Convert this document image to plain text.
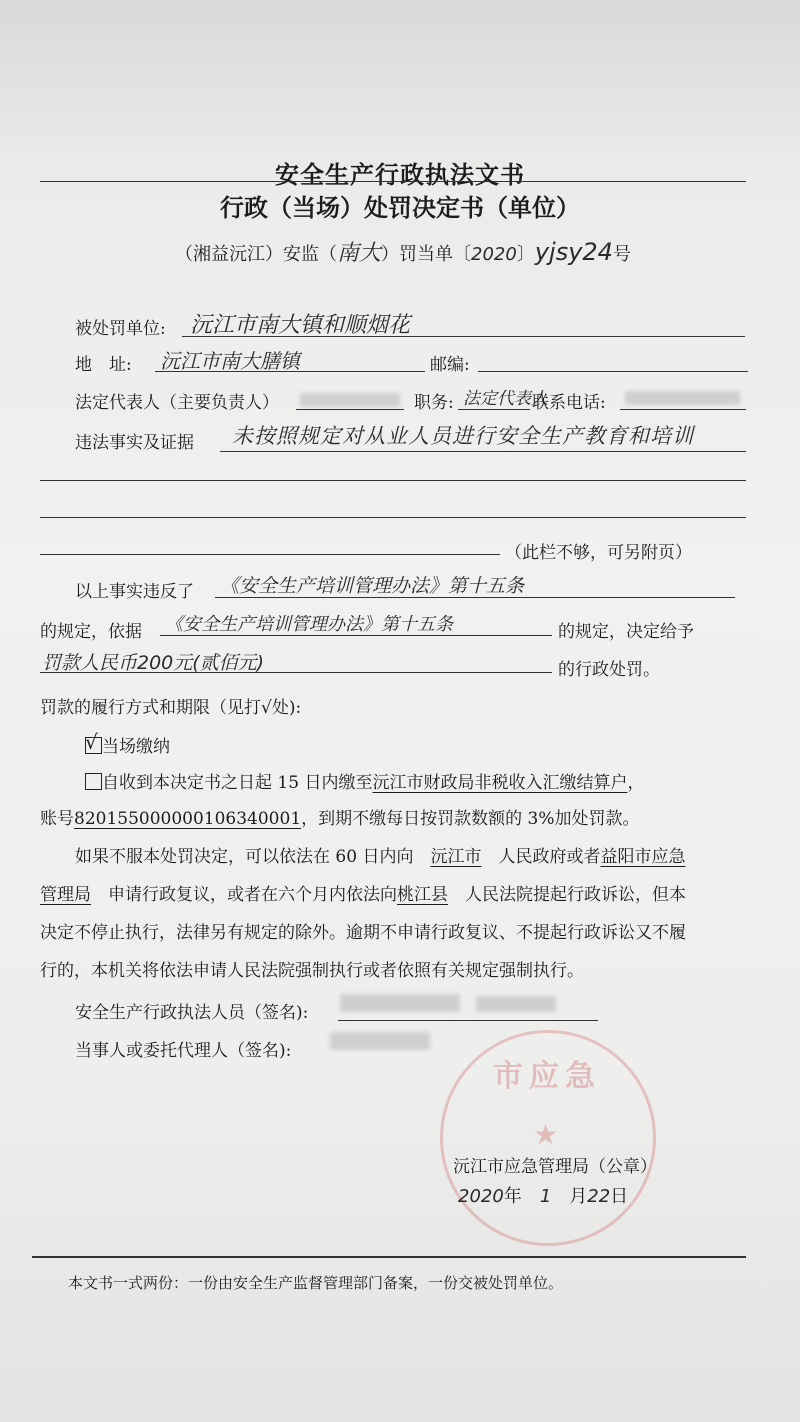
安全生产行政执法文书
行政（当场）处罚决定书（单位）
（湘益沅江）安监（南大）罚当单〔2020〕yjsy24号
被处罚单位: 沅江市南大镇和顺烟花
地　址: 沅江市南大膳镇	邮编:
法定代表人（主要负责人）	职务: 法定代表人
联系电话:
违法事实及证据 未按照规定对从业人员进行安全生产教育和培训
（此栏不够，可另附页）
以上事实违反了 《安全生产培训管理办法》第十五条
的规定，依据 《安全生产培训管理办法》第十五条	的规定，决定给予
罚款人民币200元(贰佰元)	的行政处罚。
罚款的履行方式和期限（见打√处):
√ 当场缴纳
自收到本决定书之日起 15 日内缴至沅江市财政局非税收入汇缴结算户，
账号820155000000106340001，到期不缴每日按罚款数额的 3%加处罚款。
如果不服本处罚决定，可以依法在 60 日内向　 沅江市　 人民政府或者益阳市应急
管理局　 申请行政复议，或者在六个月内依法向桃江县　 人民法院提起行政诉讼，但本
决定不停止执行，法律另有规定的除外。逾期不申请行政复议、不提起行政诉讼又不履
行的，本机关将依法申请人民法院强制执行或者依照有关规定强制执行。
安全生产行政执法人员（签名):

当事人或委托代理人（签名):
市应急
★
沅江市应急管理局（公章）
2020年　 1　 月22日
本文书一式两份：一份由安全生产监督管理部门备案，一份交被处罚单位。
